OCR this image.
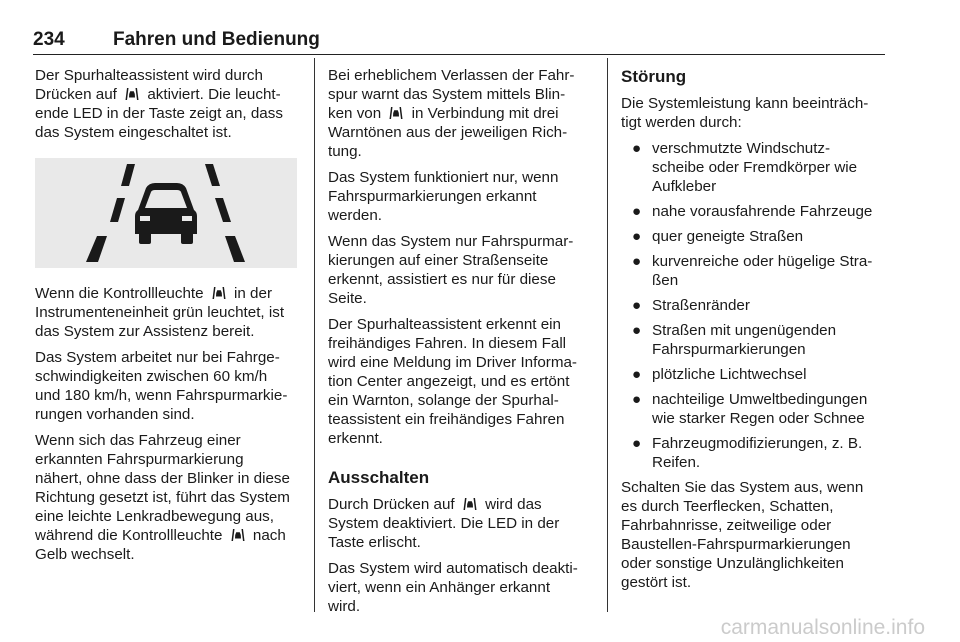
234	Fahren und Bedienung

Der Spurhalteassistent wird durch
Drücken auf  aktiviert. Die leucht-
ende LED in der Taste zeigt an, dass
das System eingeschaltet ist.

Wenn die Kontrollleuchte  in der
Instrumenteneinheit grün leuchtet, ist
das System zur Assistenz bereit.

Das System arbeitet nur bei Fahrge-
schwindigkeiten zwischen 60 km/h
und 180 km/h, wenn Fahrspurmarkie-
rungen vorhanden sind.

Wenn sich das Fahrzeug einer
erkannten Fahrspurmarkierung
nähert, ohne dass der Blinker in diese
Richtung gesetzt ist, führt das System
eine leichte Lenkradbewegung aus,
während die Kontrollleuchte  nach
Gelb wechselt.

Bei erheblichem Verlassen der Fahr-
spur warnt das System mittels Blin-
ken von  in Verbindung mit drei
Warntönen aus der jeweiligen Rich-
tung.

Das System funktioniert nur, wenn
Fahrspurmarkierungen erkannt
werden.

Wenn das System nur Fahrspurmar-
kierungen auf einer Straßenseite
erkennt, assistiert es nur für diese
Seite.

Der Spurhalteassistent erkennt ein
freihändiges Fahren. In diesem Fall
wird eine Meldung im Driver Informa-
tion Center angezeigt, und es ertönt
ein Warnton, solange der Spurhal-
teassistent ein freihändiges Fahren
erkennt.

Ausschalten

Durch Drücken auf  wird das
System deaktiviert. Die LED in der
Taste erlischt.

Das System wird automatisch deakti-
viert, wenn ein Anhänger erkannt
wird.

Störung

Die Systemleistung kann beeinträch-
tigt werden durch:

● verschmutzte Windschutz-
scheibe oder Fremdkörper wie
Aufkleber
● nahe vorausfahrende Fahrzeuge
● quer geneigte Straßen
● kurvenreiche oder hügelige Stra-
ßen
● Straßenränder
● Straßen mit ungenügenden
Fahrspurmarkierungen
● plötzliche Lichtwechsel
● nachteilige Umweltbedingungen
wie starker Regen oder Schnee
● Fahrzeugmodifizierungen, z. B.
Reifen.

Schalten Sie das System aus, wenn
es durch Teerflecken, Schatten,
Fahrbahnrisse, zeitweilige oder
Baustellen-Fahrspurmarkierungen
oder sonstige Unzulänglichkeiten
gestört ist.

carmanualsonline.info
